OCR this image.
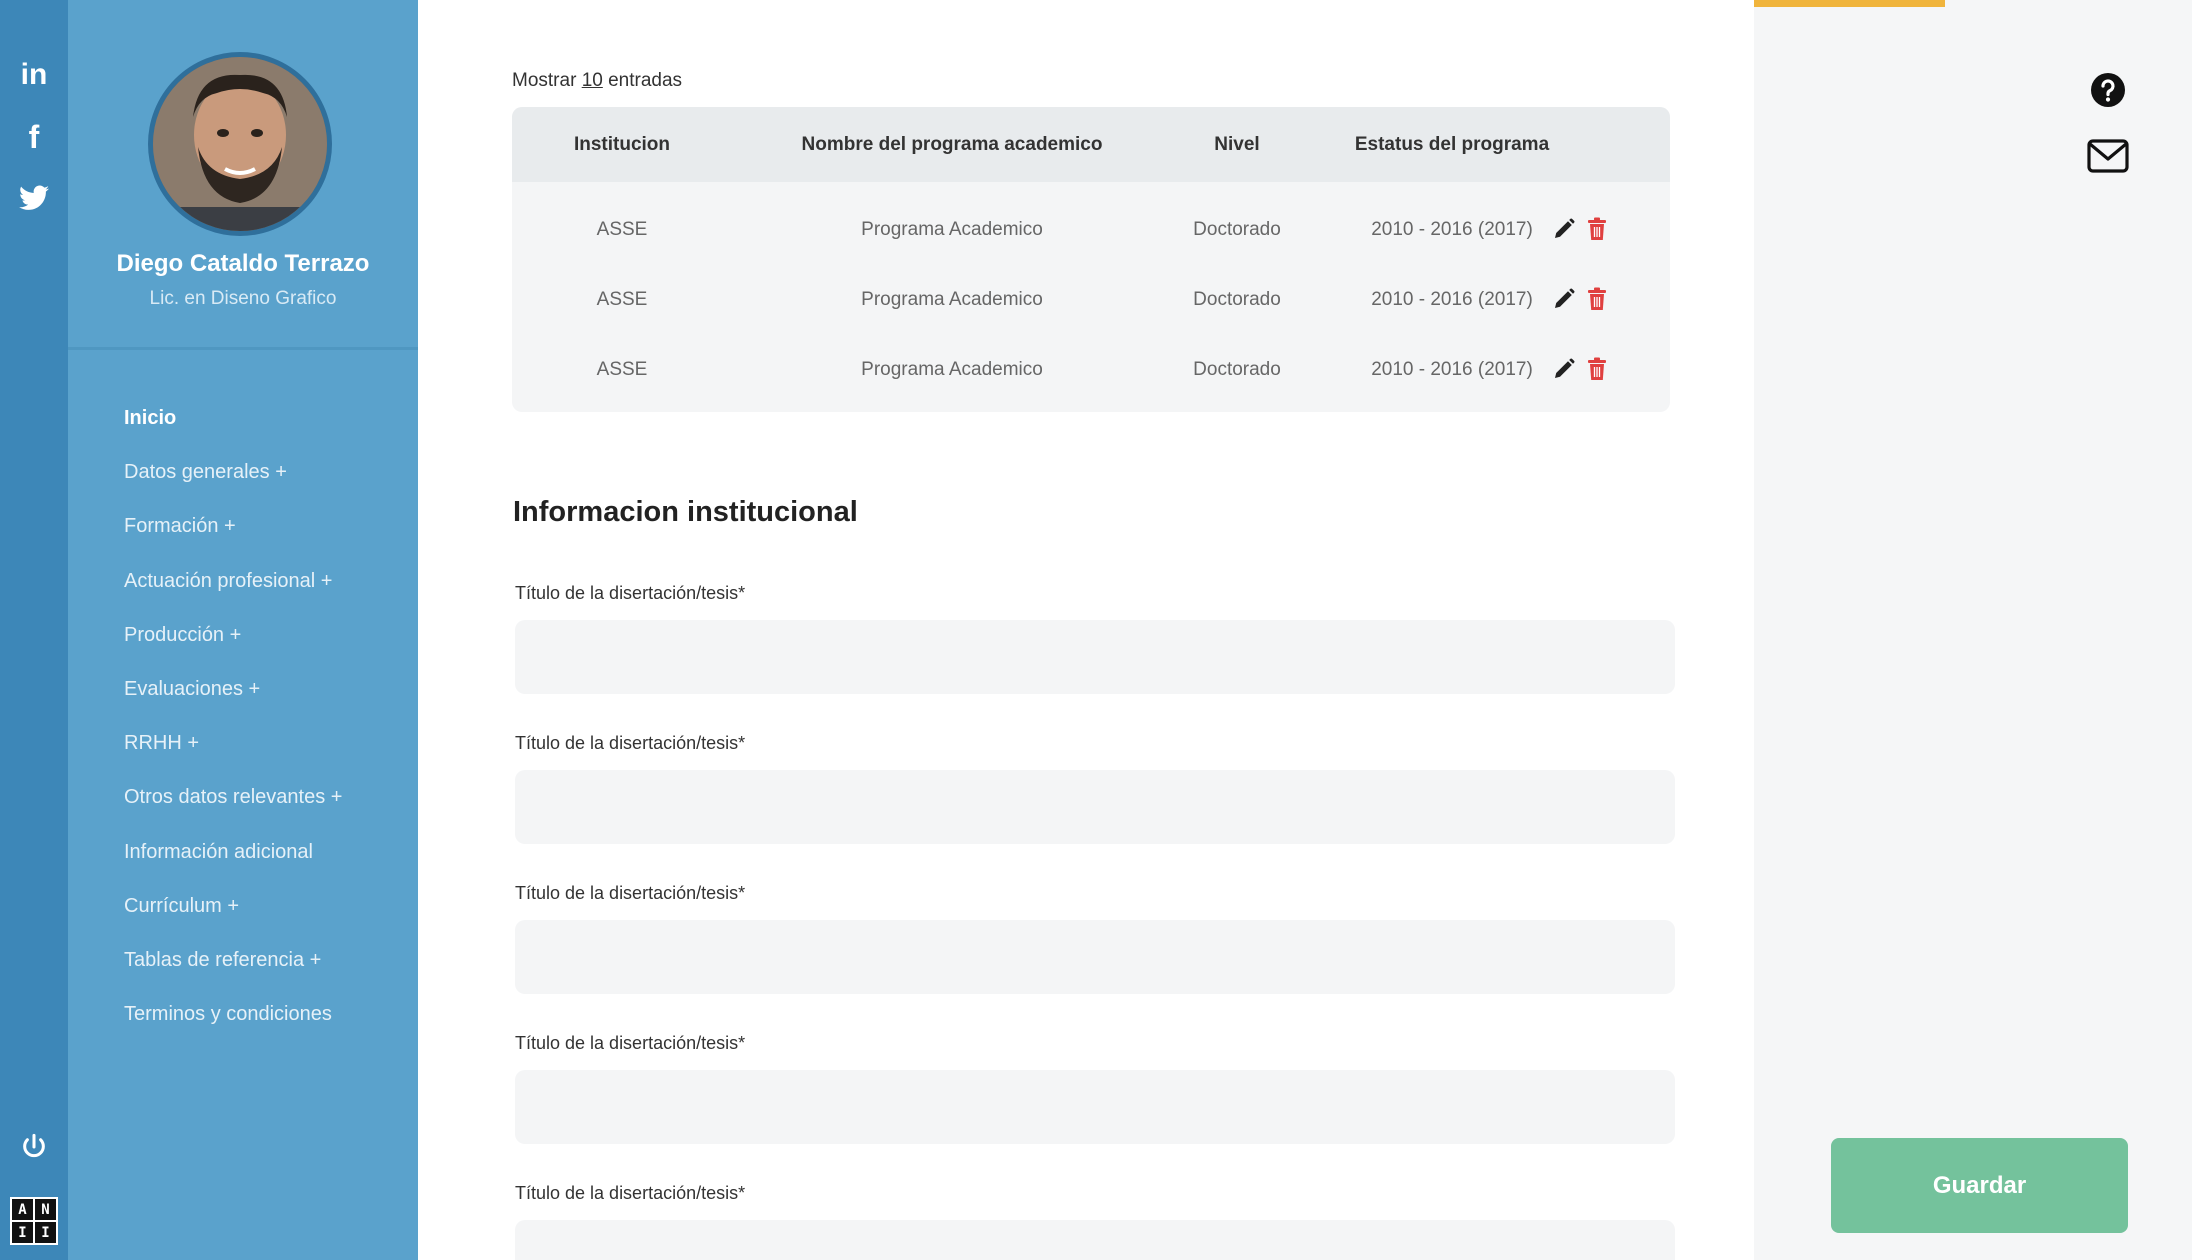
in
f
A	N
I	I
Diego Cataldo Terrazo
Lic. en Diseno Grafico
Inicio
Datos generales +
Formación +
Actuación profesional +
Producción +
Evaluaciones +
RRHH +
Otros datos relevantes +
Información adicional
Currículum +
Tablas de referencia +
Terminos y condiciones
Mostrar 10 entradas
Institucion	Nombre del programa academico	Nivel	Estatus del programa
ASSE	Programa Academico	Doctorado	2010 - 2016 (2017)
ASSE	Programa Academico	Doctorado	2010 - 2016 (2017)
ASSE	Programa Academico	Doctorado	2010 - 2016 (2017)
Informacion institucional
Título de la disertación/tesis*
Título de la disertación/tesis*
Título de la disertación/tesis*
Título de la disertación/tesis*
Título de la disertación/tesis*	Guardar
